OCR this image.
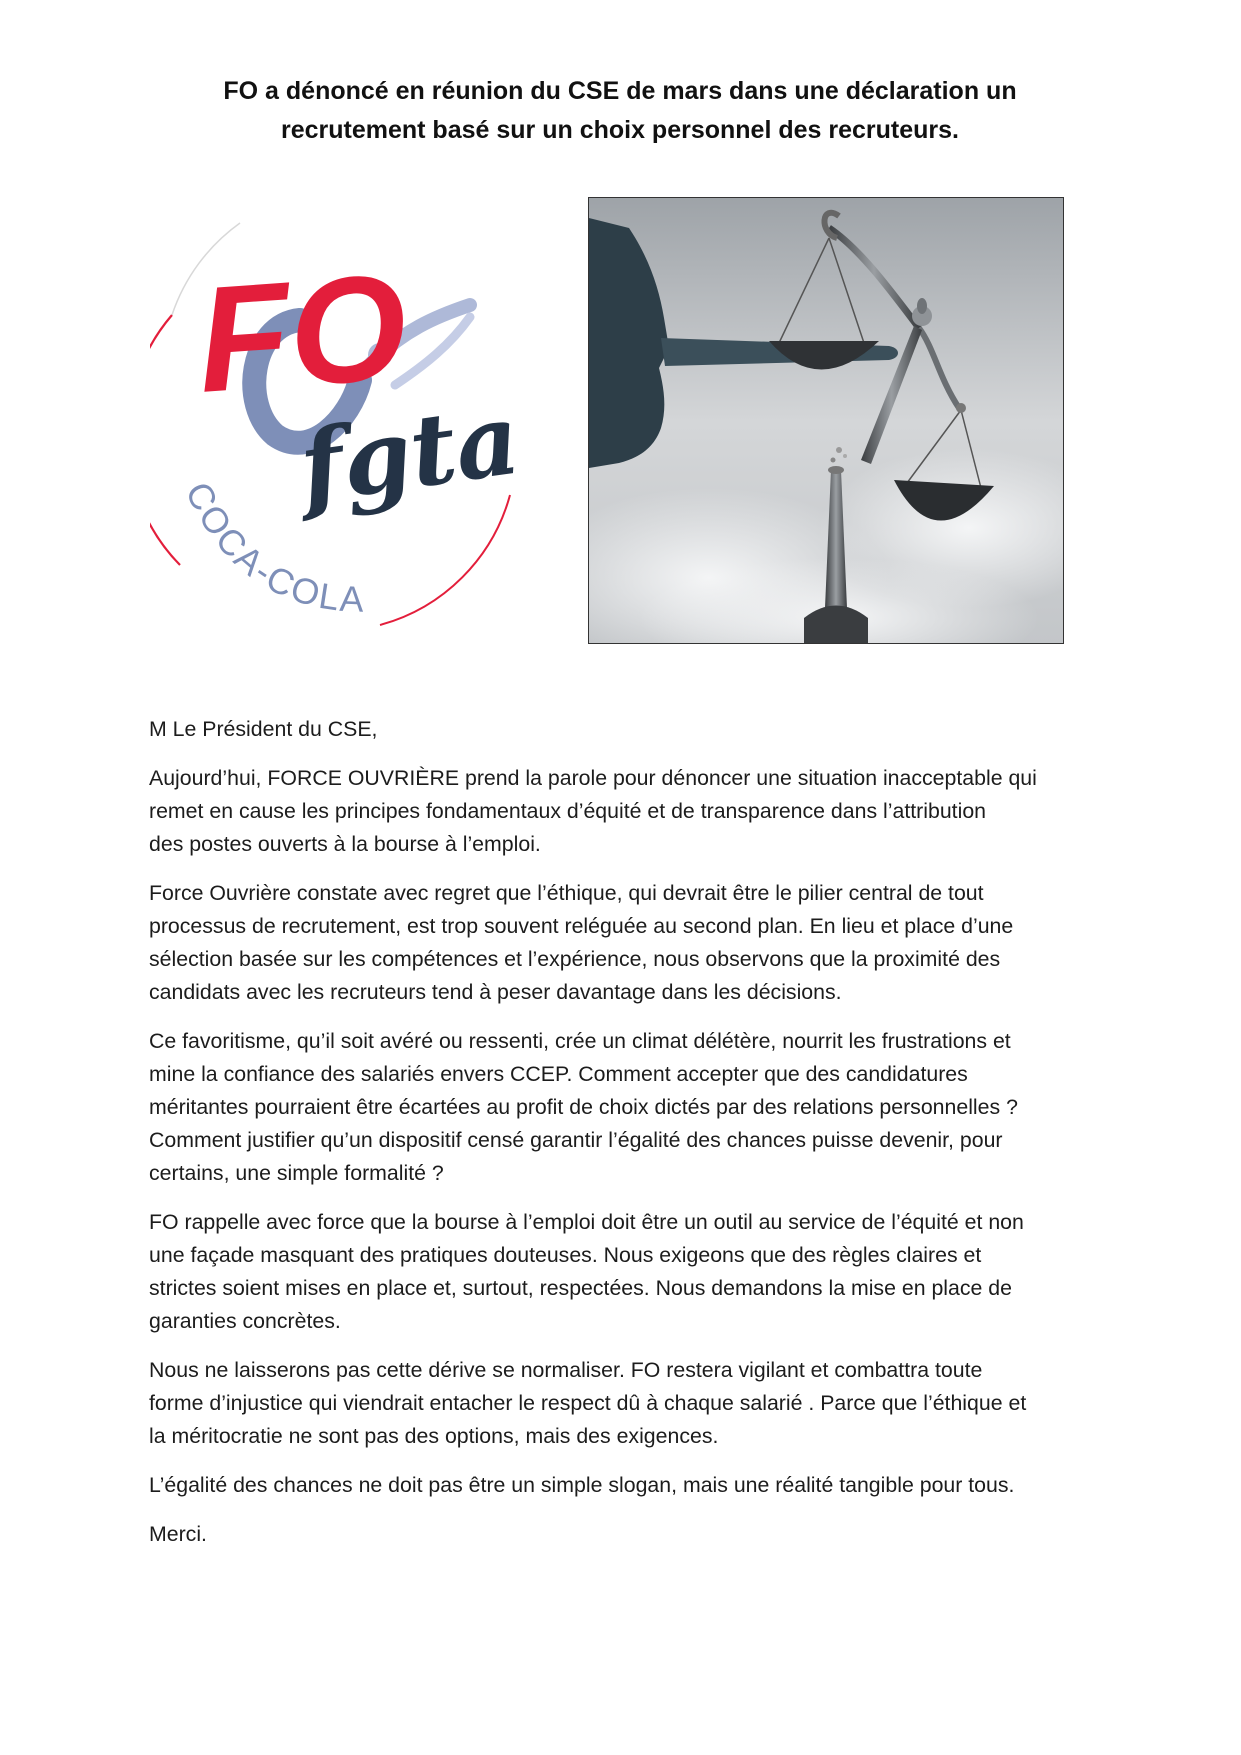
FO a dénoncé en réunion du CSE de mars dans une déclaration un
recrutement basé sur un choix personnel des recruteurs.
FO
fgta
COCA-COLA

M Le Président du CSE,

Aujourd’hui, FORCE OUVRIÈRE prend la parole pour dénoncer une situation inacceptable qui
remet en cause les principes fondamentaux d’équité et de transparence dans l’attribution
des postes ouverts à la bourse à l’emploi.

Force Ouvrière constate avec regret que l’éthique, qui devrait être le pilier central de tout
processus de recrutement, est trop souvent reléguée au second plan. En lieu et place d’une
sélection basée sur les compétences et l’expérience, nous observons que la proximité des
candidats avec les recruteurs tend à peser davantage dans les décisions.

Ce favoritisme, qu’il soit avéré ou ressenti, crée un climat délétère, nourrit les frustrations et
mine la confiance des salariés envers CCEP. Comment accepter que des candidatures
méritantes pourraient être écartées au profit de choix dictés par des relations personnelles ?
Comment justifier qu’un dispositif censé garantir l’égalité des chances puisse devenir, pour
certains, une simple formalité ?

FO rappelle avec force que la bourse à l’emploi doit être un outil au service de l’équité et non
une façade masquant des pratiques douteuses. Nous exigeons que des règles claires et
strictes soient mises en place et, surtout, respectées. Nous demandons la mise en place de
garanties concrètes.

Nous ne laisserons pas cette dérive se normaliser. FO restera vigilant et combattra toute
forme d’injustice qui viendrait entacher le respect dû à chaque salarié . Parce que l’éthique et
la méritocratie ne sont pas des options, mais des exigences.

L’égalité des chances ne doit pas être un simple slogan, mais une réalité tangible pour tous.

Merci.
